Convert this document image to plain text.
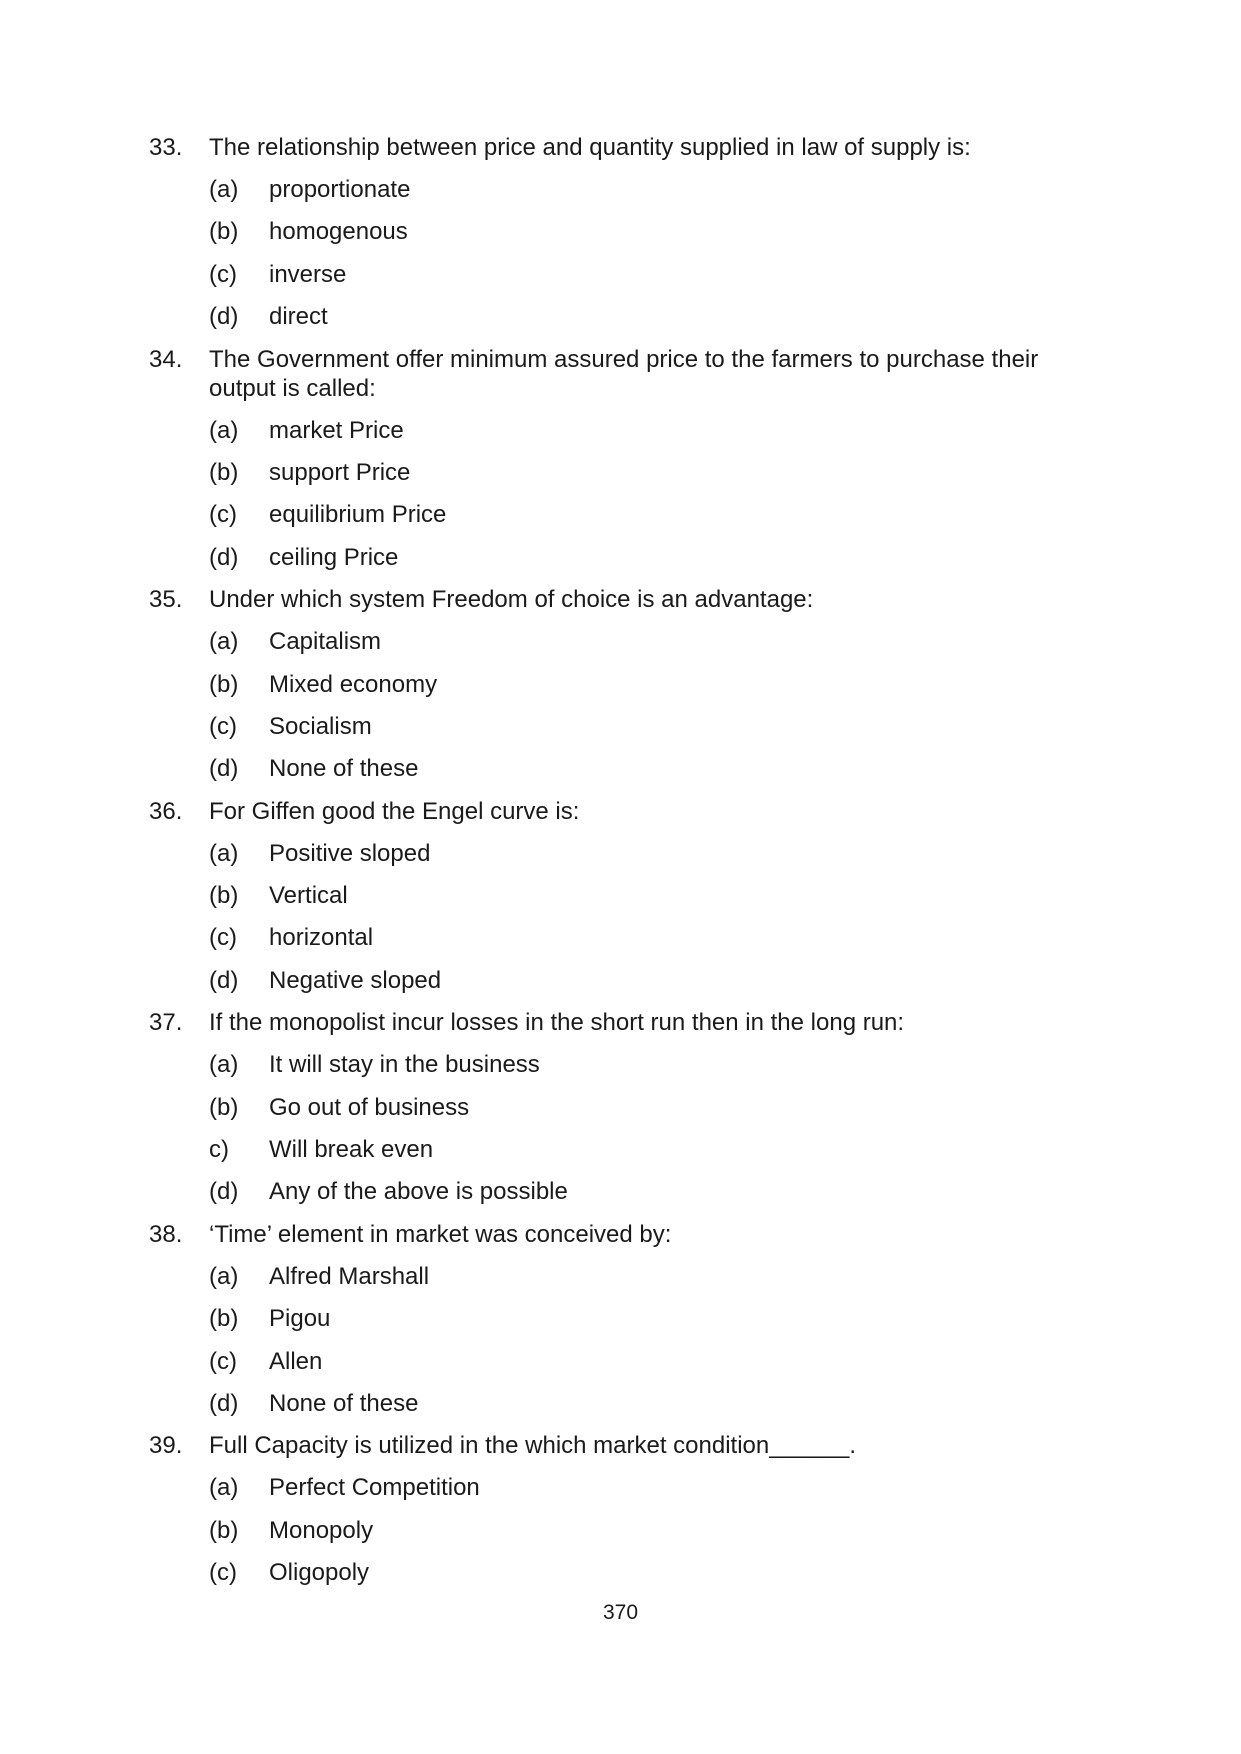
33.	The relationship between price and quantity supplied in law of supply is:
(a)	proportionate
(b)	homogenous
(c)	inverse
(d)	direct
34.	The Government offer minimum assured price to the farmers to purchase their output is called:
(a)	market Price
(b)	support Price
(c)	equilibrium Price
(d)	ceiling Price
35.	Under which system Freedom of choice is an advantage:
(a)	Capitalism
(b)	Mixed economy
(c)	Socialism
(d)	None of these
36.	For Giffen good the Engel curve is:
(a)	Positive sloped
(b)	Vertical
(c)	horizontal
(d)	Negative sloped
37.	If the monopolist incur losses in the short run then in the long run:
(a)	It will stay in the business
(b)	Go out of business
c)	Will break even
(d)	Any of the above is possible
38.	‘Time’ element in market was conceived by:
(a)	Alfred Marshall
(b)	Pigou
(c)	Allen
(d)	None of these
39.	Full Capacity is utilized in the which market condition______.
(a)	Perfect Competition
(b)	Monopoly
(c)	Oligopoly
370
